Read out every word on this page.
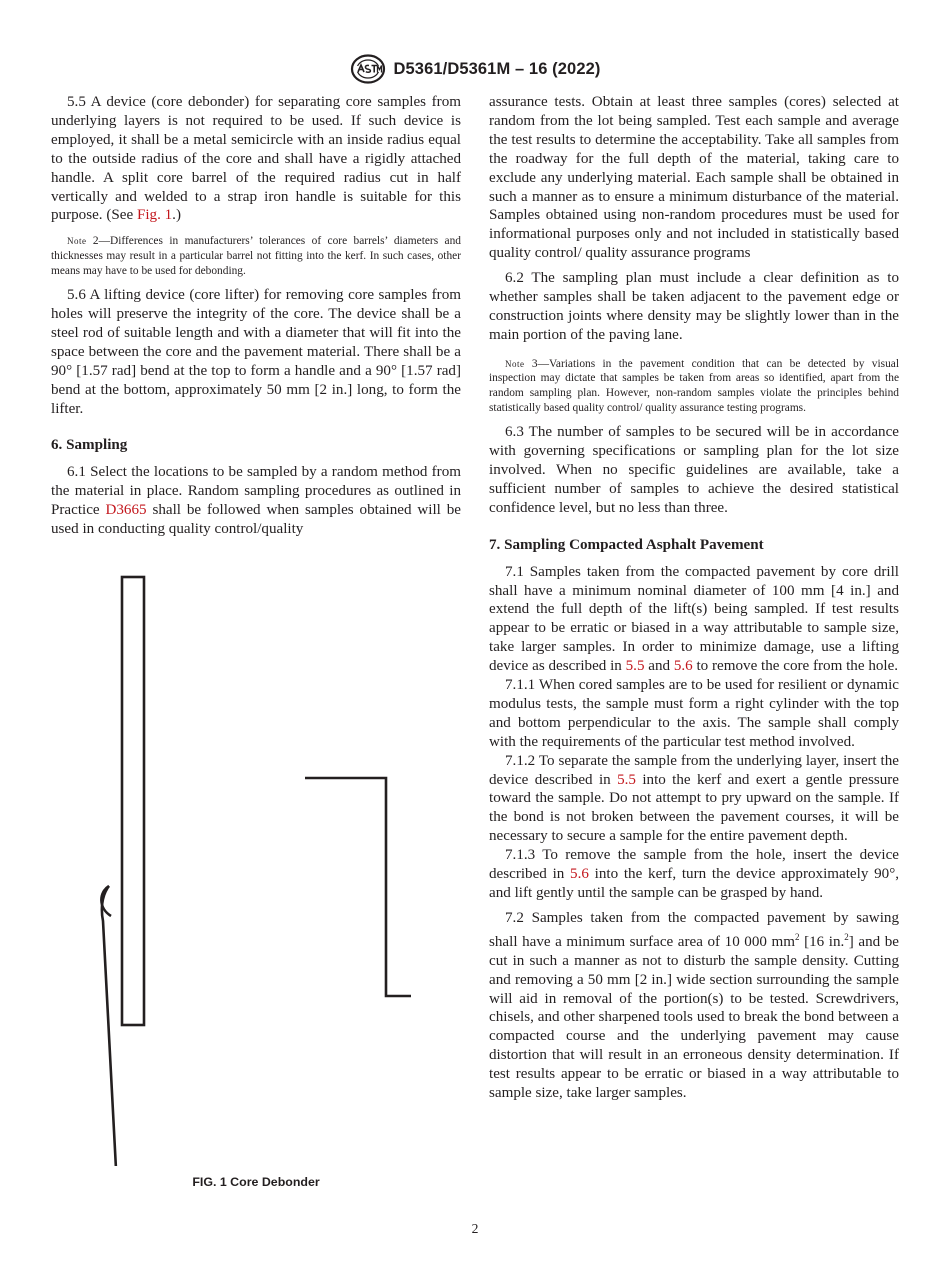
D5361/D5361M – 16 (2022)

5.5 A device (core debonder) for separating core samples from underlying layers is not required to be used. If such device is employed, it shall be a metal semicircle with an inside radius equal to the outside radius of the core and shall have a rigidly attached handle. A split core barrel of the required radius cut in half vertically and welded to a strap iron handle is suitable for this purpose. (See Fig. 1.)

Note 2—Differences in manufacturers’ tolerances of core barrels’ diameters and thicknesses may result in a particular barrel not fitting into the kerf. In such cases, other means may have to be used for debonding.

5.6 A lifting device (core lifter) for removing core samples from holes will preserve the integrity of the core. The device shall be a steel rod of suitable length and with a diameter that will fit into the space between the core and the pavement material. There shall be a 90° [1.57 rad] bend at the top to form a handle and a 90° [1.57 rad] bend at the bottom, approximately 50 mm [2 in.] long, to form the lifter.

6. Sampling

6.1 Select the locations to be sampled by a random method from the material in place. Random sampling procedures as outlined in Practice D3665 shall be followed when samples obtained will be used in conducting quality control/quality

FIG. 1 Core Debonder

assurance tests. Obtain at least three samples (cores) selected at random from the lot being sampled. Test each sample and average the test results to determine the acceptability. Take all samples from the roadway for the full depth of the material, taking care to exclude any underlying material. Each sample shall be obtained in such a manner as to ensure a minimum disturbance of the material. Samples obtained using non-random procedures must be used for informational purposes only and not included in statistically based quality control/ quality assurance programs

6.2 The sampling plan must include a clear definition as to whether samples shall be taken adjacent to the pavement edge or construction joints where density may be slightly lower than in the main portion of the paving lane.

Note 3—Variations in the pavement condition that can be detected by visual inspection may dictate that samples be taken from areas so identified, apart from the random sampling plan. However, non-random samples violate the principles behind statistically based quality control/ quality assurance testing programs.

6.3 The number of samples to be secured will be in accordance with governing specifications or sampling plan for the lot size involved. When no specific guidelines are available, take a sufficient number of samples to achieve the desired statistical confidence level, but no less than three.

7. Sampling Compacted Asphalt Pavement

7.1 Samples taken from the compacted pavement by core drill shall have a minimum nominal diameter of 100 mm [4 in.] and extend the full depth of the lift(s) being sampled. If test results appear to be erratic or biased in a way attributable to sample size, take larger samples. In order to minimize damage, use a lifting device as described in 5.5 and 5.6 to remove the core from the hole.

7.1.1 When cored samples are to be used for resilient or dynamic modulus tests, the sample must form a right cylinder with the top and bottom perpendicular to the axis. The sample shall comply with the requirements of the particular test method involved.

7.1.2 To separate the sample from the underlying layer, insert the device described in 5.5 into the kerf and exert a gentle pressure toward the sample. Do not attempt to pry upward on the sample. If the bond is not broken between the pavement courses, it will be necessary to secure a sample for the entire pavement depth.

7.1.3 To remove the sample from the hole, insert the device described in 5.6 into the kerf, turn the device approximately 90°, and lift gently until the sample can be grasped by hand.

7.2 Samples taken from the compacted pavement by sawing shall have a minimum surface area of 10 000 $mm^2$ [16 in.$^2$] and be cut in such a manner as not to disturb the sample density. Cutting and removing a 50 mm [2 in.] wide section surrounding the sample will aid in removal of the portion(s) to be tested. Screwdrivers, chisels, and other sharpened tools used to break the bond between a compacted course and the underlying pavement may cause distortion that will result in an erroneous density determination. If test results appear to be erratic or biased in a way attributable to sample size, take larger samples.

2
